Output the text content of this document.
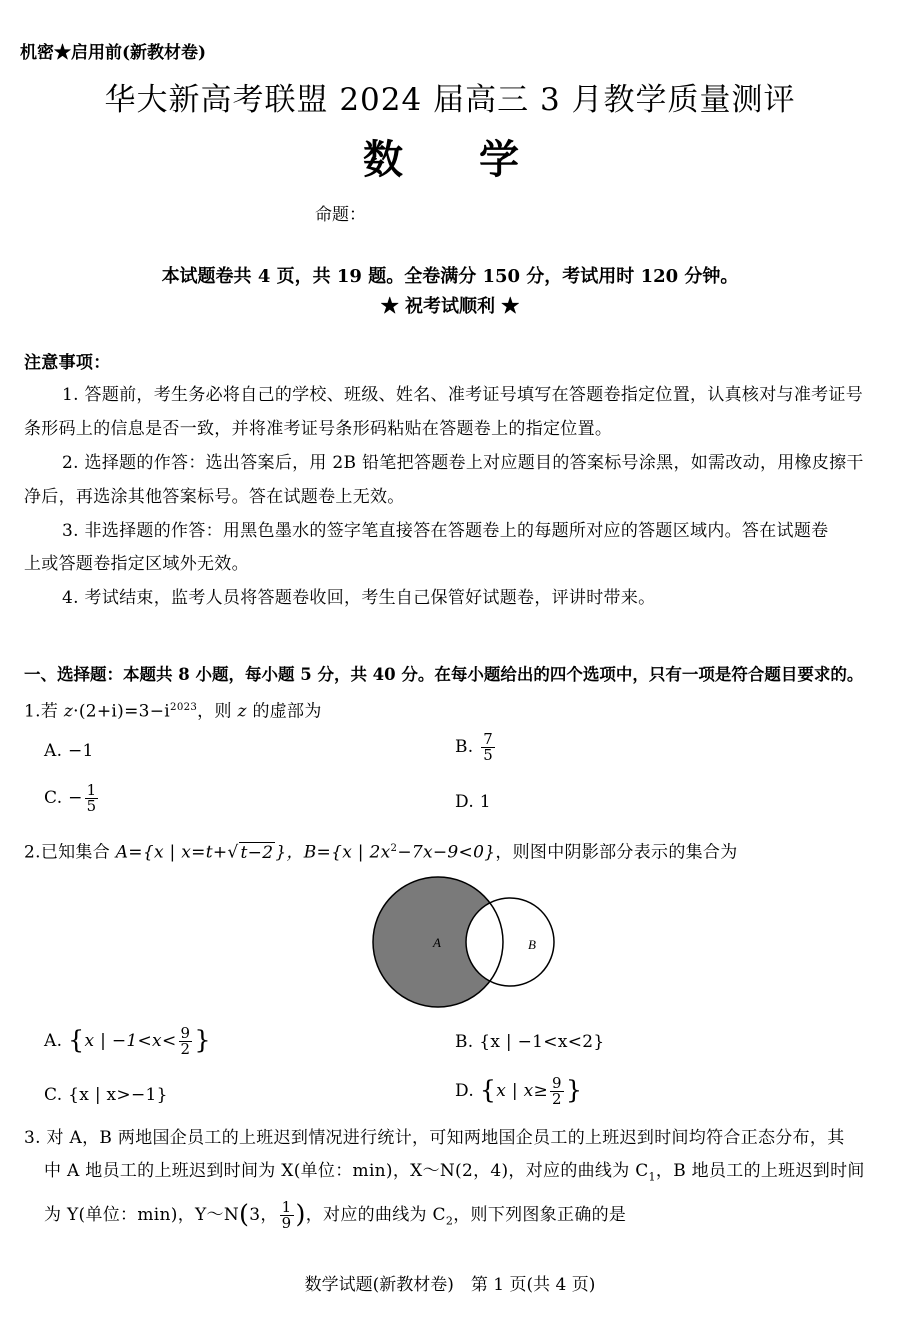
机密★启用前(新教材卷)
华大新高考联盟 2024 届高三 3 月教学质量测评
数　学
命题：
本试题卷共 4 页，共 19 题。全卷满分 150 分，考试用时 120 分钟。
★ 祝考试顺利 ★
注意事项：
1. 答题前，考生务必将自己的学校、班级、姓名、准考证号填写在答题卷指定位置，认真核对与准考证号
条形码上的信息是否一致，并将准考证号条形码粘贴在答题卷上的指定位置。
2. 选择题的作答：选出答案后，用 2B 铅笔把答题卷上对应题目的答案标号涂黑，如需改动，用橡皮擦干
净后，再选涂其他答案标号。答在试题卷上无效。
3. 非选择题的作答：用黑色墨水的签字笔直接答在答题卷上的每题所对应的答题区域内。答在试题卷
上或答题卷指定区域外无效。
4. 考试结束，监考人员将答题卷收回，考生自己保管好试题卷，评讲时带来。
一、选择题：本题共 8 小题，每小题 5 分，共 40 分。在每小题给出的四个选项中，只有一项是符合题目要求的。
1.若 $z\cdot(2+i)=3-i^{2023}$，则 z 的虚部为
A. −1	B. $\frac{7}{5}$
C. − $\frac{1}{5}$	D. 1
2.已知集合 A={x | x=t+√ t−2 }，B={x | $2x^2-7x-9<0$}，则图中阴影部分表示的集合为
A	B
A. {x | $-1<x< \frac{9}{2}$ }	B. {x | −1<x<2}
C. {x | x>−1}	D. {x | $x\ge \frac{9}{2}$ }
3. 对 A，B 两地国企员工的上班迟到情况进行统计，可知两地国企员工的上班迟到时间均符合正态分布，其
中 A 地员工的上班迟到时间为 X(单位：min)，X～N(2，4)，对应的曲线为 $C_1$，B 地员工的上班迟到时间
为 Y(单位：min)，Y～N(3， $\frac{1}{9}$ )，对应的曲线为 $C_2$，则下列图象正确的是
数学试题(新教材卷)　第 1 页(共 4 页)
